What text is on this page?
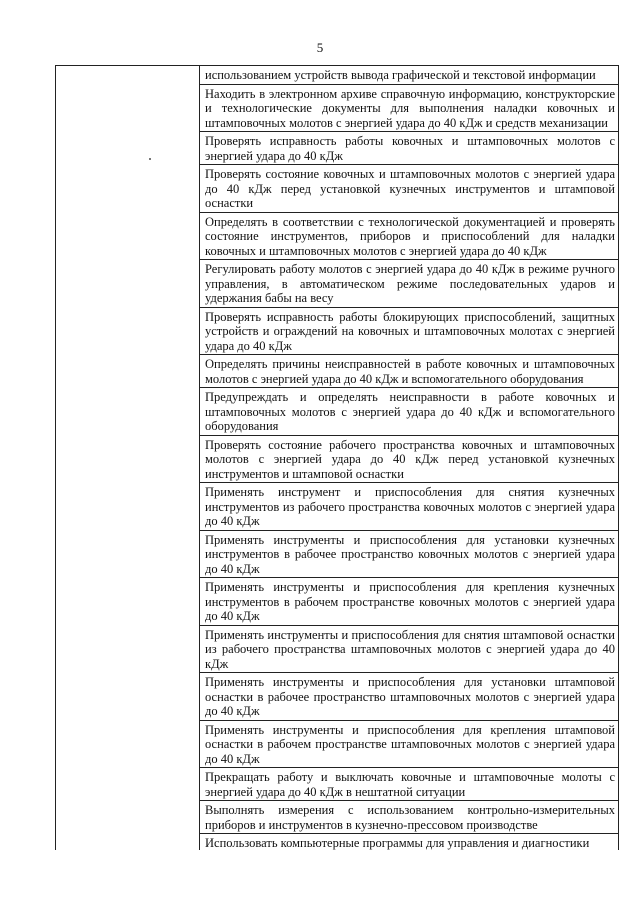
5
использованием устройств вывода графической и текстовой информации
Находить в электронном архиве справочную информацию, конструкторские и технологические документы для выполнения наладки ковочных и штамповочных молотов с энергией удара до 40 кДж и средств механизации
Проверять исправность работы ковочных и штамповочных молотов с энергией удара до 40 кДж
Проверять состояние ковочных и штамповочных молотов с энергией удара до 40 кДж перед установкой кузнечных инструментов и штамповой оснастки
Определять в соответствии с технологической документацией и проверять состояние инструментов, приборов и приспособлений для наладки ковочных и штамповочных молотов с энергией удара до 40 кДж
Регулировать работу молотов с энергией удара до 40 кДж в режиме ручного управления, в автоматическом режиме последовательных ударов и удержания бабы на весу
Проверять исправность работы блокирующих приспособлений, защитных устройств и ограждений на ковочных и штамповочных молотах с энергией удара до 40 кДж
Определять причины неисправностей в работе ковочных и штамповочных молотов с энергией удара до 40 кДж и вспомогательного оборудования
Предупреждать и определять неисправности в работе ковочных и штамповочных молотов с энергией удара до 40 кДж и вспомогательного оборудования
Проверять состояние рабочего пространства ковочных и штамповочных молотов с энергией удара до 40 кДж перед установкой кузнечных инструментов и штамповой оснастки
Применять инструмент и приспособления для снятия кузнечных инструментов из рабочего пространства ковочных молотов с энергией удара до 40 кДж
Применять инструменты и приспособления для установки кузнечных инструментов в рабочее пространство ковочных молотов с энергией удара до 40 кДж
Применять инструменты и приспособления для крепления кузнечных инструментов в рабочем пространстве ковочных молотов с энергией удара до 40 кДж
Применять инструменты и приспособления для снятия штамповой оснастки из рабочего пространства штамповочных молотов с энергией удара до 40 кДж
Применять инструменты и приспособления для установки штамповой оснастки в рабочее пространство штамповочных молотов с энергией удара до 40 кДж
Применять инструменты и приспособления для крепления штамповой оснастки в рабочем пространстве штамповочных молотов с энергией удара до 40 кДж
Прекращать работу и выключать ковочные и штамповочные молоты с энергией удара до 40 кДж в нештатной ситуации
Выполнять измерения с использованием контрольно-измерительных приборов и инструментов в кузнечно-прессовом производстве
Использовать компьютерные программы для управления и диагностики
